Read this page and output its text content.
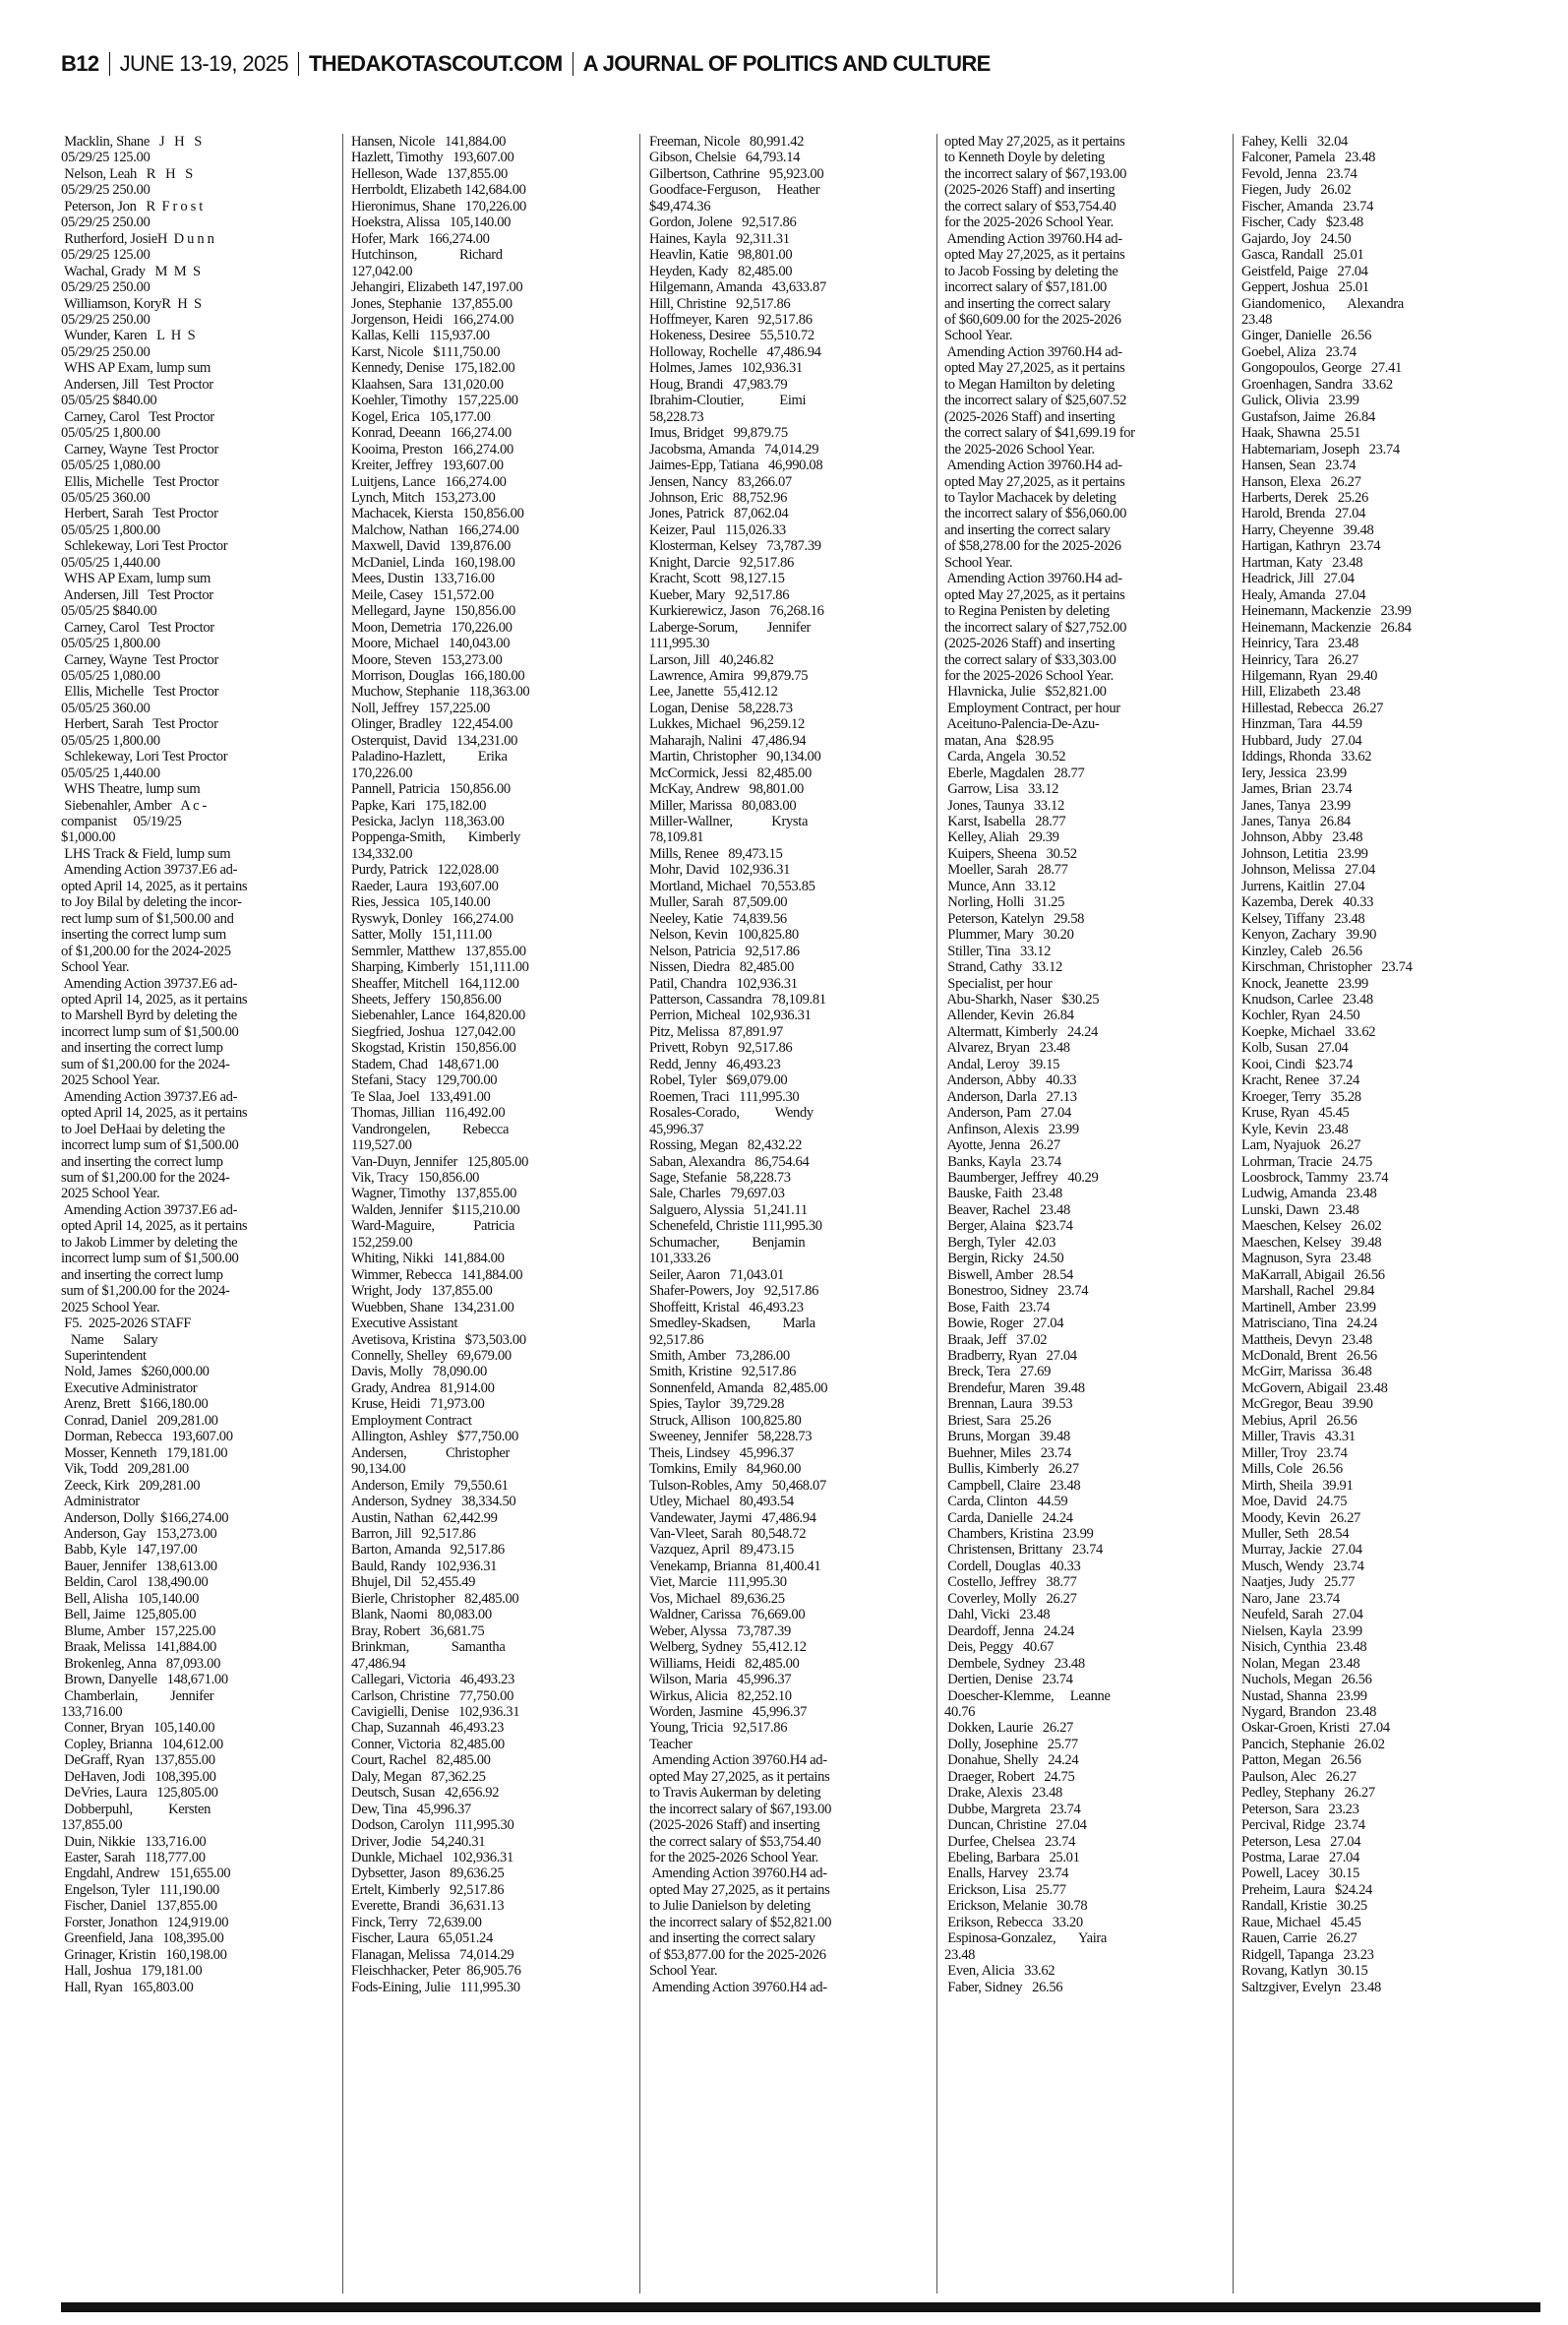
B12 JUNE 13-19, 2025 THEDAKOTASCOUT.COM A JOURNAL OF POLITICS AND CULTURE
Macklin, Shane   J   H   S
05/29/25 125.00
Nelson, Leah   R   H   S
05/29/25 250.00
Peterson, Jon   R  F r o s t
05/29/25 250.00
Rutherford, JosieH  D u n n
05/29/25 125.00
Wachal, Grady   M  M  S
05/29/25 250.00
Williamson, KoryR  H  S
05/29/25 250.00
Wunder, Karen   L  H  S
05/29/25 250.00
WHS AP Exam, lump sum
Andersen, Jill   Test Proctor
05/05/25 $840.00
Carney, Carol   Test Proctor
05/05/25 1,800.00
Carney, Wayne  Test Proctor
05/05/25 1,080.00
Ellis, Michelle   Test Proctor
05/05/25 360.00
Herbert, Sarah   Test Proctor
05/05/25 1,800.00
Schlekeway, Lori Test Proctor
05/05/25 1,440.00
WHS AP Exam, lump sum
Andersen, Jill   Test Proctor
05/05/25 $840.00
Carney, Carol   Test Proctor
05/05/25 1,800.00
Carney, Wayne  Test Proctor
05/05/25 1,080.00
Ellis, Michelle   Test Proctor
05/05/25 360.00
Herbert, Sarah   Test Proctor
05/05/25 1,800.00
Schlekeway, Lori Test Proctor
05/05/25 1,440.00
WHS Theatre, lump sum
Siebenahler, Amber   A c -
companist     05/19/25
$1,000.00
LHS Track & Field, lump sum
Amending Action 39737.E6 ad-
opted April 14, 2025, as it pertains
to Joy Bilal by deleting the incor-
rect lump sum of $1,500.00 and
inserting the correct lump sum
of $1,200.00 for the 2024-2025
School Year.
Amending Action 39737.E6 ad-
opted April 14, 2025, as it pertains
to Marshell Byrd by deleting the
incorrect lump sum of $1,500.00
and inserting the correct lump
sum of $1,200.00 for the 2024-
2025 School Year.
Amending Action 39737.E6 ad-
opted April 14, 2025, as it pertains
to Joel DeHaai by deleting the
incorrect lump sum of $1,500.00
and inserting the correct lump
sum of $1,200.00 for the 2024-
2025 School Year.
Amending Action 39737.E6 ad-
opted April 14, 2025, as it pertains
to Jakob Limmer by deleting the
incorrect lump sum of $1,500.00
and inserting the correct lump
sum of $1,200.00 for the 2024-
2025 School Year.
F5.  2025-2026 STAFF
Name      Salary
Superintendent
Nold, James   $260,000.00
Executive Administrator
Arenz, Brett   $166,180.00
Conrad, Daniel   209,281.00
Dorman, Rebecca   193,607.00
Mosser, Kenneth   179,181.00
Vik, Todd   209,281.00
Zeeck, Kirk   209,281.00
Administrator
Anderson, Dolly  $166,274.00
Anderson, Gay   153,273.00
Babb, Kyle   147,197.00
Bauer, Jennifer   138,613.00
Beldin, Carol   138,490.00
Bell, Alisha   105,140.00
Bell, Jaime   125,805.00
Blume, Amber   157,225.00
Braak, Melissa   141,884.00
Brokenleg, Anna   87,093.00
Brown, Danyelle   148,671.00
Chamberlain,          Jennifer
133,716.00
Conner, Bryan   105,140.00
Copley, Brianna   104,612.00
DeGraff, Ryan   137,855.00
DeHaven, Jodi   108,395.00
DeVries, Laura   125,805.00
Dobberpuhl,           Kersten
137,855.00
Duin, Nikkie   133,716.00
Easter, Sarah   118,777.00
Engdahl, Andrew   151,655.00
Engelson, Tyler   111,190.00
Fischer, Daniel   137,855.00
Forster, Jonathon   124,919.00
Greenfield, Jana   108,395.00
Grinager, Kristin   160,198.00
Hall, Joshua   179,181.00
Hall, Ryan   165,803.00
Hansen, Nicole   141,884.00
Hazlett, Timothy   193,607.00
Helleson, Wade   137,855.00
Herrboldt, Elizabeth 142,684.00
Hieronimus, Shane   170,226.00
Hoekstra, Alissa   105,140.00
Hofer, Mark   166,274.00
Hutchinson,             Richard
127,042.00
Jehangiri, Elizabeth 147,197.00
Jones, Stephanie   137,855.00
Jorgenson, Heidi   166,274.00
Kallas, Kelli   115,937.00
Karst, Nicole   $111,750.00
Kennedy, Denise   175,182.00
Klaahsen, Sara   131,020.00
Koehler, Timothy   157,225.00
Kogel, Erica   105,177.00
Konrad, Deeann   166,274.00
Kooima, Preston   166,274.00
Kreiter, Jeffrey   193,607.00
Luitjens, Lance   166,274.00
Lynch, Mitch   153,273.00
Machacek, Kiersta   150,856.00
Malchow, Nathan   166,274.00
Maxwell, David   139,876.00
McDaniel, Linda   160,198.00
Mees, Dustin   133,716.00
Meile, Casey   151,572.00
Mellegard, Jayne   150,856.00
Moon, Demetria   170,226.00
Moore, Michael   140,043.00
Moore, Steven   153,273.00
Morrison, Douglas   166,180.00
Muchow, Stephanie   118,363.00
Noll, Jeffrey   157,225.00
Olinger, Bradley   122,454.00
Osterquist, David   134,231.00
Paladino-Hazlett,          Erika
170,226.00
Pannell, Patricia   150,856.00
Papke, Kari   175,182.00
Pesicka, Jaclyn   118,363.00
Poppenga-Smith,       Kimberly
134,332.00
Purdy, Patrick   122,028.00
Raeder, Laura   193,607.00
Ries, Jessica   105,140.00
Ryswyk, Donley   166,274.00
Satter, Molly   151,111.00
Semmler, Matthew   137,855.00
Sharping, Kimberly   151,111.00
Sheaffer, Mitchell   164,112.00
Sheets, Jeffery   150,856.00
Siebenahler, Lance   164,820.00
Siegfried, Joshua   127,042.00
Skogstad, Kristin   150,856.00
Stadem, Chad   148,671.00
Stefani, Stacy   129,700.00
Te Slaa, Joel   133,491.00
Thomas, Jillian   116,492.00
Vandrongelen,          Rebecca
119,527.00
Van-Duyn, Jennifer   125,805.00
Vik, Tracy   150,856.00
Wagner, Timothy   137,855.00
Walden, Jennifer   $115,210.00
Ward-Maguire,            Patricia
152,259.00
Whiting, Nikki   141,884.00
Wimmer, Rebecca   141,884.00
Wright, Jody   137,855.00
Wuebben, Shane   134,231.00
Executive Assistant
Avetisova, Kristina   $73,503.00
Connelly, Shelley   69,679.00
Davis, Molly   78,090.00
Grady, Andrea   81,914.00
Kruse, Heidi   71,973.00
Employment Contract
Allington, Ashley   $77,750.00
Andersen,            Christopher
90,134.00
Anderson, Emily   79,550.61
Anderson, Sydney   38,334.50
Austin, Nathan   62,442.99
Barron, Jill   92,517.86
Barton, Amanda   92,517.86
Bauld, Randy   102,936.31
Bhujel, Dil   52,455.49
Bierle, Christopher   82,485.00
Blank, Naomi   80,083.00
Bray, Robert   36,681.75
Brinkman,             Samantha
47,486.94
Callegari, Victoria   46,493.23
Carlson, Christine   77,750.00
Cavigielli, Denise   102,936.31
Chap, Suzannah   46,493.23
Conner, Victoria   82,485.00
Court, Rachel   82,485.00
Daly, Megan   87,362.25
Deutsch, Susan   42,656.92
Dew, Tina   45,996.37
Dodson, Carolyn   111,995.30
Driver, Jodie   54,240.31
Dunkle, Michael   102,936.31
Dybsetter, Jason   89,636.25
Ertelt, Kimberly   92,517.86
Everette, Brandi   36,631.13
Finck, Terry   72,639.00
Fischer, Laura   65,051.24
Flanagan, Melissa   74,014.29
Fleischhacker, Peter  86,905.76
Fods-Eining, Julie   111,995.30
Freeman, Nicole   80,991.42
Gibson, Chelsie   64,793.14
Gilbertson, Cathrine   95,923.00
Goodface-Ferguson,     Heather
$49,474.36
Gordon, Jolene   92,517.86
Haines, Kayla   92,311.31
Heavlin, Katie   98,801.00
Heyden, Kady   82,485.00
Hilgemann, Amanda   43,633.87
Hill, Christine   92,517.86
Hoffmeyer, Karen   92,517.86
Hokeness, Desiree   55,510.72
Holloway, Rochelle   47,486.94
Holmes, James   102,936.31
Houg, Brandi   47,983.79
Ibrahim-Cloutier,           Eimi
58,228.73
Imus, Bridget   99,879.75
Jacobsma, Amanda   74,014.29
Jaimes-Epp, Tatiana   46,990.08
Jensen, Nancy   83,266.07
Johnson, Eric   88,752.96
Jones, Patrick   87,062.04
Keizer, Paul   115,026.33
Klosterman, Kelsey   73,787.39
Knight, Darcie   92,517.86
Kracht, Scott   98,127.15
Kueber, Mary   92,517.86
Kurkierewicz, Jason   76,268.16
Laberge-Sorum,         Jennifer
111,995.30
Larson, Jill   40,246.82
Lawrence, Amira   99,879.75
Lee, Janette   55,412.12
Logan, Denise   58,228.73
Lukkes, Michael   96,259.12
Maharajh, Nalini   47,486.94
Martin, Christopher   90,134.00
McCormick, Jessi   82,485.00
McKay, Andrew   98,801.00
Miller, Marissa   80,083.00
Miller-Wallner,            Krysta
78,109.81
Mills, Renee   89,473.15
Mohr, David   102,936.31
Mortland, Michael   70,553.85
Muller, Sarah   87,509.00
Neeley, Katie   74,839.56
Nelson, Kevin   100,825.80
Nelson, Patricia   92,517.86
Nissen, Diedra   82,485.00
Patil, Chandra   102,936.31
Patterson, Cassandra   78,109.81
Perrion, Micheal   102,936.31
Pitz, Melissa   87,891.97
Privett, Robyn   92,517.86
Redd, Jenny   46,493.23
Robel, Tyler   $69,079.00
Roemen, Traci   111,995.30
Rosales-Corado,           Wendy
45,996.37
Rossing, Megan   82,432.22
Saban, Alexandra   86,754.64
Sage, Stefanie   58,228.73
Sale, Charles   79,697.03
Salguero, Alyssia   51,241.11
Schenefeld, Christie 111,995.30
Schumacher,          Benjamin
101,333.26
Seiler, Aaron   71,043.01
Shafer-Powers, Joy   92,517.86
Shoffeitt, Kristal   46,493.23
Smedley-Skadsen,          Marla
92,517.86
Smith, Amber   73,286.00
Smith, Kristine   92,517.86
Sonnenfeld, Amanda   82,485.00
Spies, Taylor   39,729.28
Struck, Allison   100,825.80
Sweeney, Jennifer   58,228.73
Theis, Lindsey   45,996.37
Tomkins, Emily   84,960.00
Tulson-Robles, Amy   50,468.07
Utley, Michael   80,493.54
Vandewater, Jaymi   47,486.94
Van-Vleet, Sarah   80,548.72
Vazquez, April   89,473.15
Venekamp, Brianna   81,400.41
Viet, Marcie   111,995.30
Vos, Michael   89,636.25
Waldner, Carissa   76,669.00
Weber, Alyssa   73,787.39
Welberg, Sydney   55,412.12
Williams, Heidi   82,485.00
Wilson, Maria   45,996.37
Wirkus, Alicia   82,252.10
Worden, Jasmine   45,996.37
Young, Tricia   92,517.86
Teacher
Amending Action 39760.H4 ad-
opted May 27,2025, as it pertains
to Travis Aukerman by deleting
the incorrect salary of $67,193.00
(2025-2026 Staff) and inserting
the correct salary of $53,754.40
for the 2025-2026 School Year.
Amending Action 39760.H4 ad-
opted May 27,2025, as it pertains
to Julie Danielson by deleting
the incorrect salary of $52,821.00
and inserting the correct salary
of $53,877.00 for the 2025-2026
School Year.
Amending Action 39760.H4 ad-
opted May 27,2025, as it pertains
to Kenneth Doyle by deleting
the incorrect salary of $67,193.00
(2025-2026 Staff) and inserting
the correct salary of $53,754.40
for the 2025-2026 School Year.
Amending Action 39760.H4 ad-
opted May 27,2025, as it pertains
to Jacob Fossing by deleting the
incorrect salary of $57,181.00
and inserting the correct salary
of $60,609.00 for the 2025-2026
School Year.
Amending Action 39760.H4 ad-
opted May 27,2025, as it pertains
to Megan Hamilton by deleting
the incorrect salary of $25,607.52
(2025-2026 Staff) and inserting
the correct salary of $41,699.19 for
the 2025-2026 School Year.
Amending Action 39760.H4 ad-
opted May 27,2025, as it pertains
to Taylor Machacek by deleting
the incorrect salary of $56,060.00
and inserting the correct salary
of $58,278.00 for the 2025-2026
School Year.
Amending Action 39760.H4 ad-
opted May 27,2025, as it pertains
to Regina Penisten by deleting
the incorrect salary of $27,752.00
(2025-2026 Staff) and inserting
the correct salary of $33,303.00
for the 2025-2026 School Year.
Hlavnicka, Julie   $52,821.00
Employment Contract, per hour
Aceituno-Palencia-De-Azu-
matan, Ana   $28.95
Carda, Angela   30.52
Eberle, Magdalen   28.77
Garrow, Lisa   33.12
Jones, Taunya   33.12
Karst, Isabella   28.77
Kelley, Aliah   29.39
Kuipers, Sheena   30.52
Moeller, Sarah   28.77
Munce, Ann   33.12
Norling, Holli   31.25
Peterson, Katelyn   29.58
Plummer, Mary   30.20
Stiller, Tina   33.12
Strand, Cathy   33.12
Specialist, per hour
Abu-Sharkh, Naser   $30.25
Allender, Kevin   26.84
Altermatt, Kimberly   24.24
Alvarez, Bryan   23.48
Andal, Leroy   39.15
Anderson, Abby   40.33
Anderson, Darla   27.13
Anderson, Pam   27.04
Anfinson, Alexis   23.99
Ayotte, Jenna   26.27
Banks, Kayla   23.74
Baumberger, Jeffrey   40.29
Bauske, Faith   23.48
Beaver, Rachel   23.48
Berger, Alaina   $23.74
Bergh, Tyler   42.03
Bergin, Ricky   24.50
Biswell, Amber   28.54
Bonestroo, Sidney   23.74
Bose, Faith   23.74
Bowie, Roger   27.04
Braak, Jeff   37.02
Bradberry, Ryan   27.04
Breck, Tera   27.69
Brendefur, Maren   39.48
Brennan, Laura   39.53
Briest, Sara   25.26
Bruns, Morgan   39.48
Buehner, Miles   23.74
Bullis, Kimberly   26.27
Campbell, Claire   23.48
Carda, Clinton   44.59
Carda, Danielle   24.24
Chambers, Kristina   23.99
Christensen, Brittany   23.74
Cordell, Douglas   40.33
Costello, Jeffrey   38.77
Coverley, Molly   26.27
Dahl, Vicki   23.48
Deardoff, Jenna   24.24
Deis, Peggy   40.67
Dembele, Sydney   23.48
Dertien, Denise   23.74
Doescher-Klemme,     Leanne
40.76
Dokken, Laurie   26.27
Dolly, Josephine   25.77
Donahue, Shelly   24.24
Draeger, Robert   24.75
Drake, Alexis   23.48
Dubbe, Margreta   23.74
Duncan, Christine   27.04
Durfee, Chelsea   23.74
Ebeling, Barbara   25.01
Enalls, Harvey   23.74
Erickson, Lisa   25.77
Erickson, Melanie   30.78
Erikson, Rebecca   33.20
Espinosa-Gonzalez,       Yaira
23.48
Even, Alicia   33.62
Faber, Sidney   26.56
Fahey, Kelli   32.04
Falconer, Pamela   23.48
Fevold, Jenna   23.74
Fiegen, Judy   26.02
Fischer, Amanda   23.74
Fischer, Cady   $23.48
Gajardo, Joy   24.50
Gasca, Randall   25.01
Geistfeld, Paige   27.04
Geppert, Joshua   25.01
Giandomenico,       Alexandra
23.48
Ginger, Danielle   26.56
Goebel, Aliza   23.74
Gongopoulos, George   27.41
Groenhagen, Sandra   33.62
Gulick, Olivia   23.99
Gustafson, Jaime   26.84
Haak, Shawna   25.51
Habtemariam, Joseph   23.74
Hansen, Sean   23.74
Hanson, Elexa   26.27
Harberts, Derek   25.26
Harold, Brenda   27.04
Harry, Cheyenne   39.48
Hartigan, Kathryn   23.74
Hartman, Katy   23.48
Headrick, Jill   27.04
Healy, Amanda   27.04
Heinemann, Mackenzie   23.99
Heinemann, Mackenzie   26.84
Heinricy, Tara   23.48
Heinricy, Tara   26.27
Hilgemann, Ryan   29.40
Hill, Elizabeth   23.48
Hillestad, Rebecca   26.27
Hinzman, Tara   44.59
Hubbard, Judy   27.04
Iddings, Rhonda   33.62
Iery, Jessica   23.99
James, Brian   23.74
Janes, Tanya   23.99
Janes, Tanya   26.84
Johnson, Abby   23.48
Johnson, Letitia   23.99
Johnson, Melissa   27.04
Jurrens, Kaitlin   27.04
Kazemba, Derek   40.33
Kelsey, Tiffany   23.48
Kenyon, Zachary   39.90
Kinzley, Caleb   26.56
Kirschman, Christopher   23.74
Knock, Jeanette   23.99
Knudson, Carlee   23.48
Kochler, Ryan   24.50
Koepke, Michael   33.62
Kolb, Susan   27.04
Kooi, Cindi   $23.74
Kracht, Renee   37.24
Kroeger, Terry   35.28
Kruse, Ryan   45.45
Kyle, Kevin   23.48
Lam, Nyajuok   26.27
Lohrman, Tracie   24.75
Loosbrock, Tammy   23.74
Ludwig, Amanda   23.48
Lunski, Dawn   23.48
Maeschen, Kelsey   26.02
Maeschen, Kelsey   39.48
Magnuson, Syra   23.48
MaKarrall, Abigail   26.56
Marshall, Rachel   29.84
Martinell, Amber   23.99
Matrisciano, Tina   24.24
Mattheis, Devyn   23.48
McDonald, Brent   26.56
McGirr, Marissa   36.48
McGovern, Abigail   23.48
McGregor, Beau   39.90
Mebius, April   26.56
Miller, Travis   43.31
Miller, Troy   23.74
Mills, Cole   26.56
Mirth, Sheila   39.91
Moe, David   24.75
Moody, Kevin   26.27
Muller, Seth   28.54
Murray, Jackie   27.04
Musch, Wendy   23.74
Naatjes, Judy   25.77
Naro, Jane   23.74
Neufeld, Sarah   27.04
Nielsen, Kayla   23.99
Nisich, Cynthia   23.48
Nolan, Megan   23.48
Nuchols, Megan   26.56
Nustad, Shanna   23.99
Nygard, Brandon   23.48
Oskar-Groen, Kristi   27.04
Pancich, Stephanie   26.02
Patton, Megan   26.56
Paulson, Alec   26.27
Pedley, Stephany   26.27
Peterson, Sara   23.23
Percival, Ridge   23.74
Peterson, Lesa   27.04
Postma, Larae   27.04
Powell, Lacey   30.15
Preheim, Laura   $24.24
Randall, Kristie   30.25
Raue, Michael   45.45
Rauen, Carrie   26.27
Ridgell, Tapanga   23.23
Rovang, Katlyn   30.15
Saltzgiver, Evelyn   23.48
